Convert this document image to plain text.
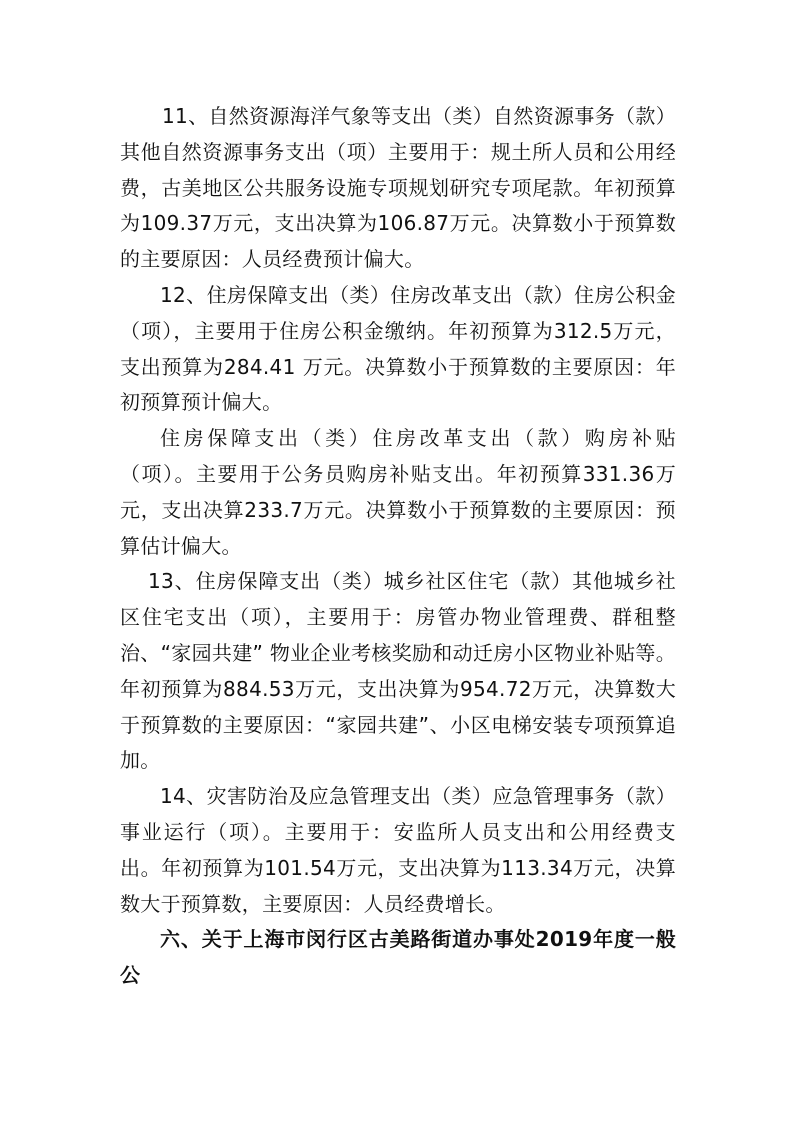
11、自然资源海洋气象等支出（类）自然资源事务（款） 其他自然资源事务支出（项）主要用于：规土所人员和公用经费，古美地区公共服务设施专项规划研究专项尾款。年初预算为109.37万元，支出决算为106.87万元。决算数小于预算数的主要原因：人员经费预计偏大。

12、住房保障支出（类）住房改革支出（款）住房公积金（项），主要用于住房公积金缴纳。年初预算为312.5万元，支出预算为284.41 万元。决算数小于预算数的主要原因：年初预算预计偏大。

住房保障支出（类）住房改革支出（款）购房补贴（项）。主要用于公务员购房补贴支出。年初预算331.36万元，支出决算233.7万元。决算数小于预算数的主要原因：预算估计偏大。

13、住房保障支出（类）城乡社区住宅（款）其他城乡社区住宅支出（项），主要用于：房管办物业管理费、群租整治、“家园共建” 物业企业考核奖励和动迁房小区物业补贴等。年初预算为884.53万元，支出决算为954.72万元，决算数大于预算数的主要原因：“家园共建”、小区电梯安装专项预算追加。

14、灾害防治及应急管理支出（类）应急管理事务（款）事业运行（项）。主要用于：安监所人员支出和公用经费支出。年初预算为101.54万元，支出决算为113.34万元，决算数大于预算数，主要原因：人员经费增长。

六、关于上海市闵行区古美路街道办事处2019年度一般公
